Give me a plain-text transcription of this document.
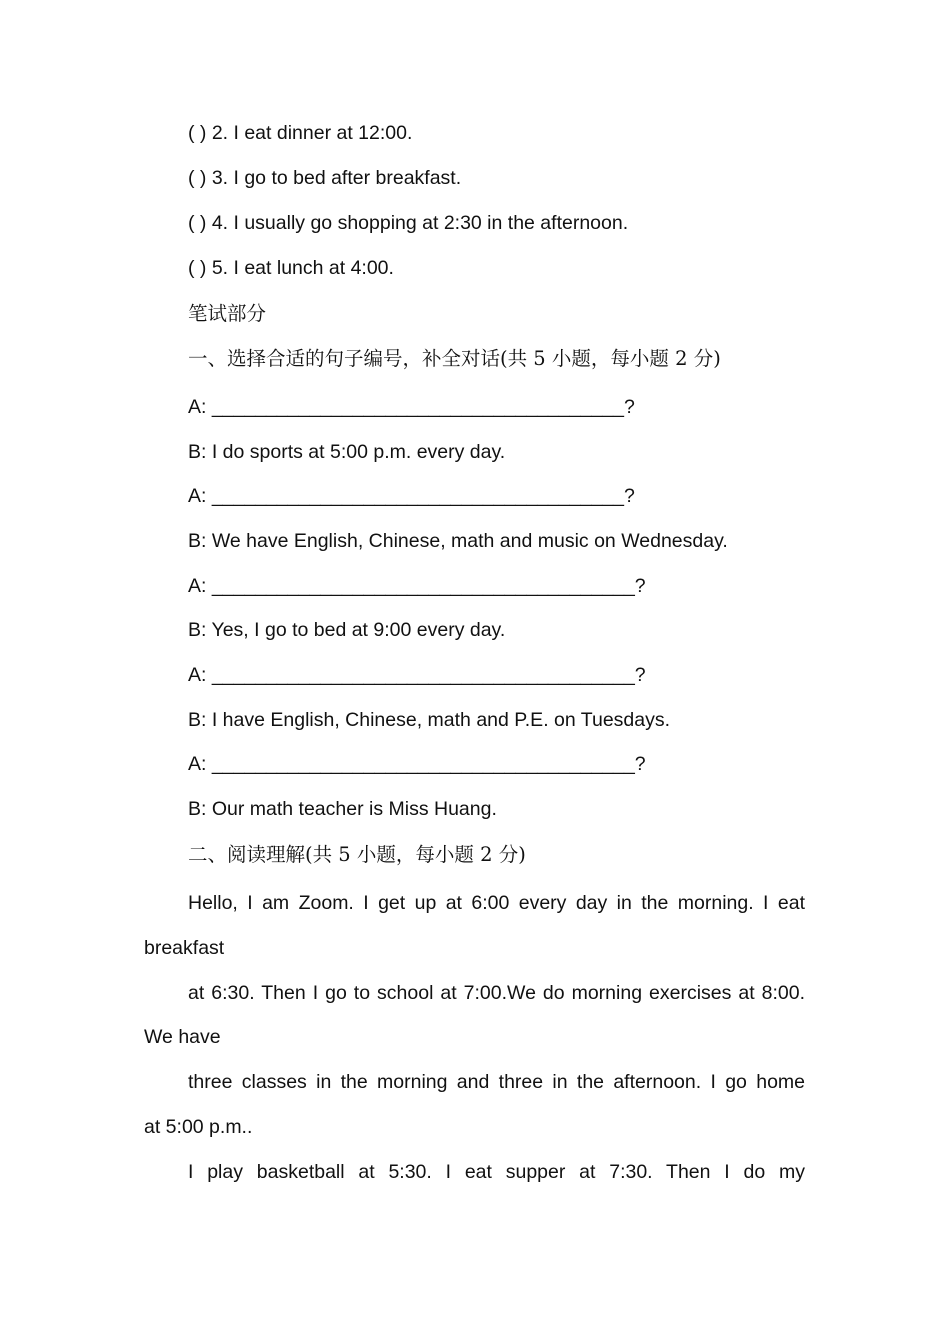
( ) 2. I eat dinner at 12:00.
( ) 3. I go to bed after breakfast.
( ) 4. I usually go shopping at 2:30 in the afternoon.
( ) 5. I eat lunch at 4:00.
笔试部分
一、选择合适的句子编号，补全对话(共 5 小题，每小题 2 分)
A: ______________________________________?
B: I do sports at 5:00 p.m. every day.
A: ______________________________________?
B: We have English, Chinese, math and music on Wednesday.
A: _______________________________________?
B: Yes, I go to bed at 9:00 every day.
A: _______________________________________?
B: I have English, Chinese, math and P.E. on Tuesdays.
A: _______________________________________?
B: Our math teacher is Miss Huang.
二、阅读理解(共 5 小题，每小题 2 分)
Hello, I am Zoom. I get up at 6:00 every day in the morning. I eat
breakfast
at 6:30. Then I go to school at 7:00.We do morning exercises at 8:00.
We have
three classes in the morning and three in the afternoon. I go home
at 5:00 p.m..
I play basketball at 5:30. I eat supper at 7:30. Then I do my
